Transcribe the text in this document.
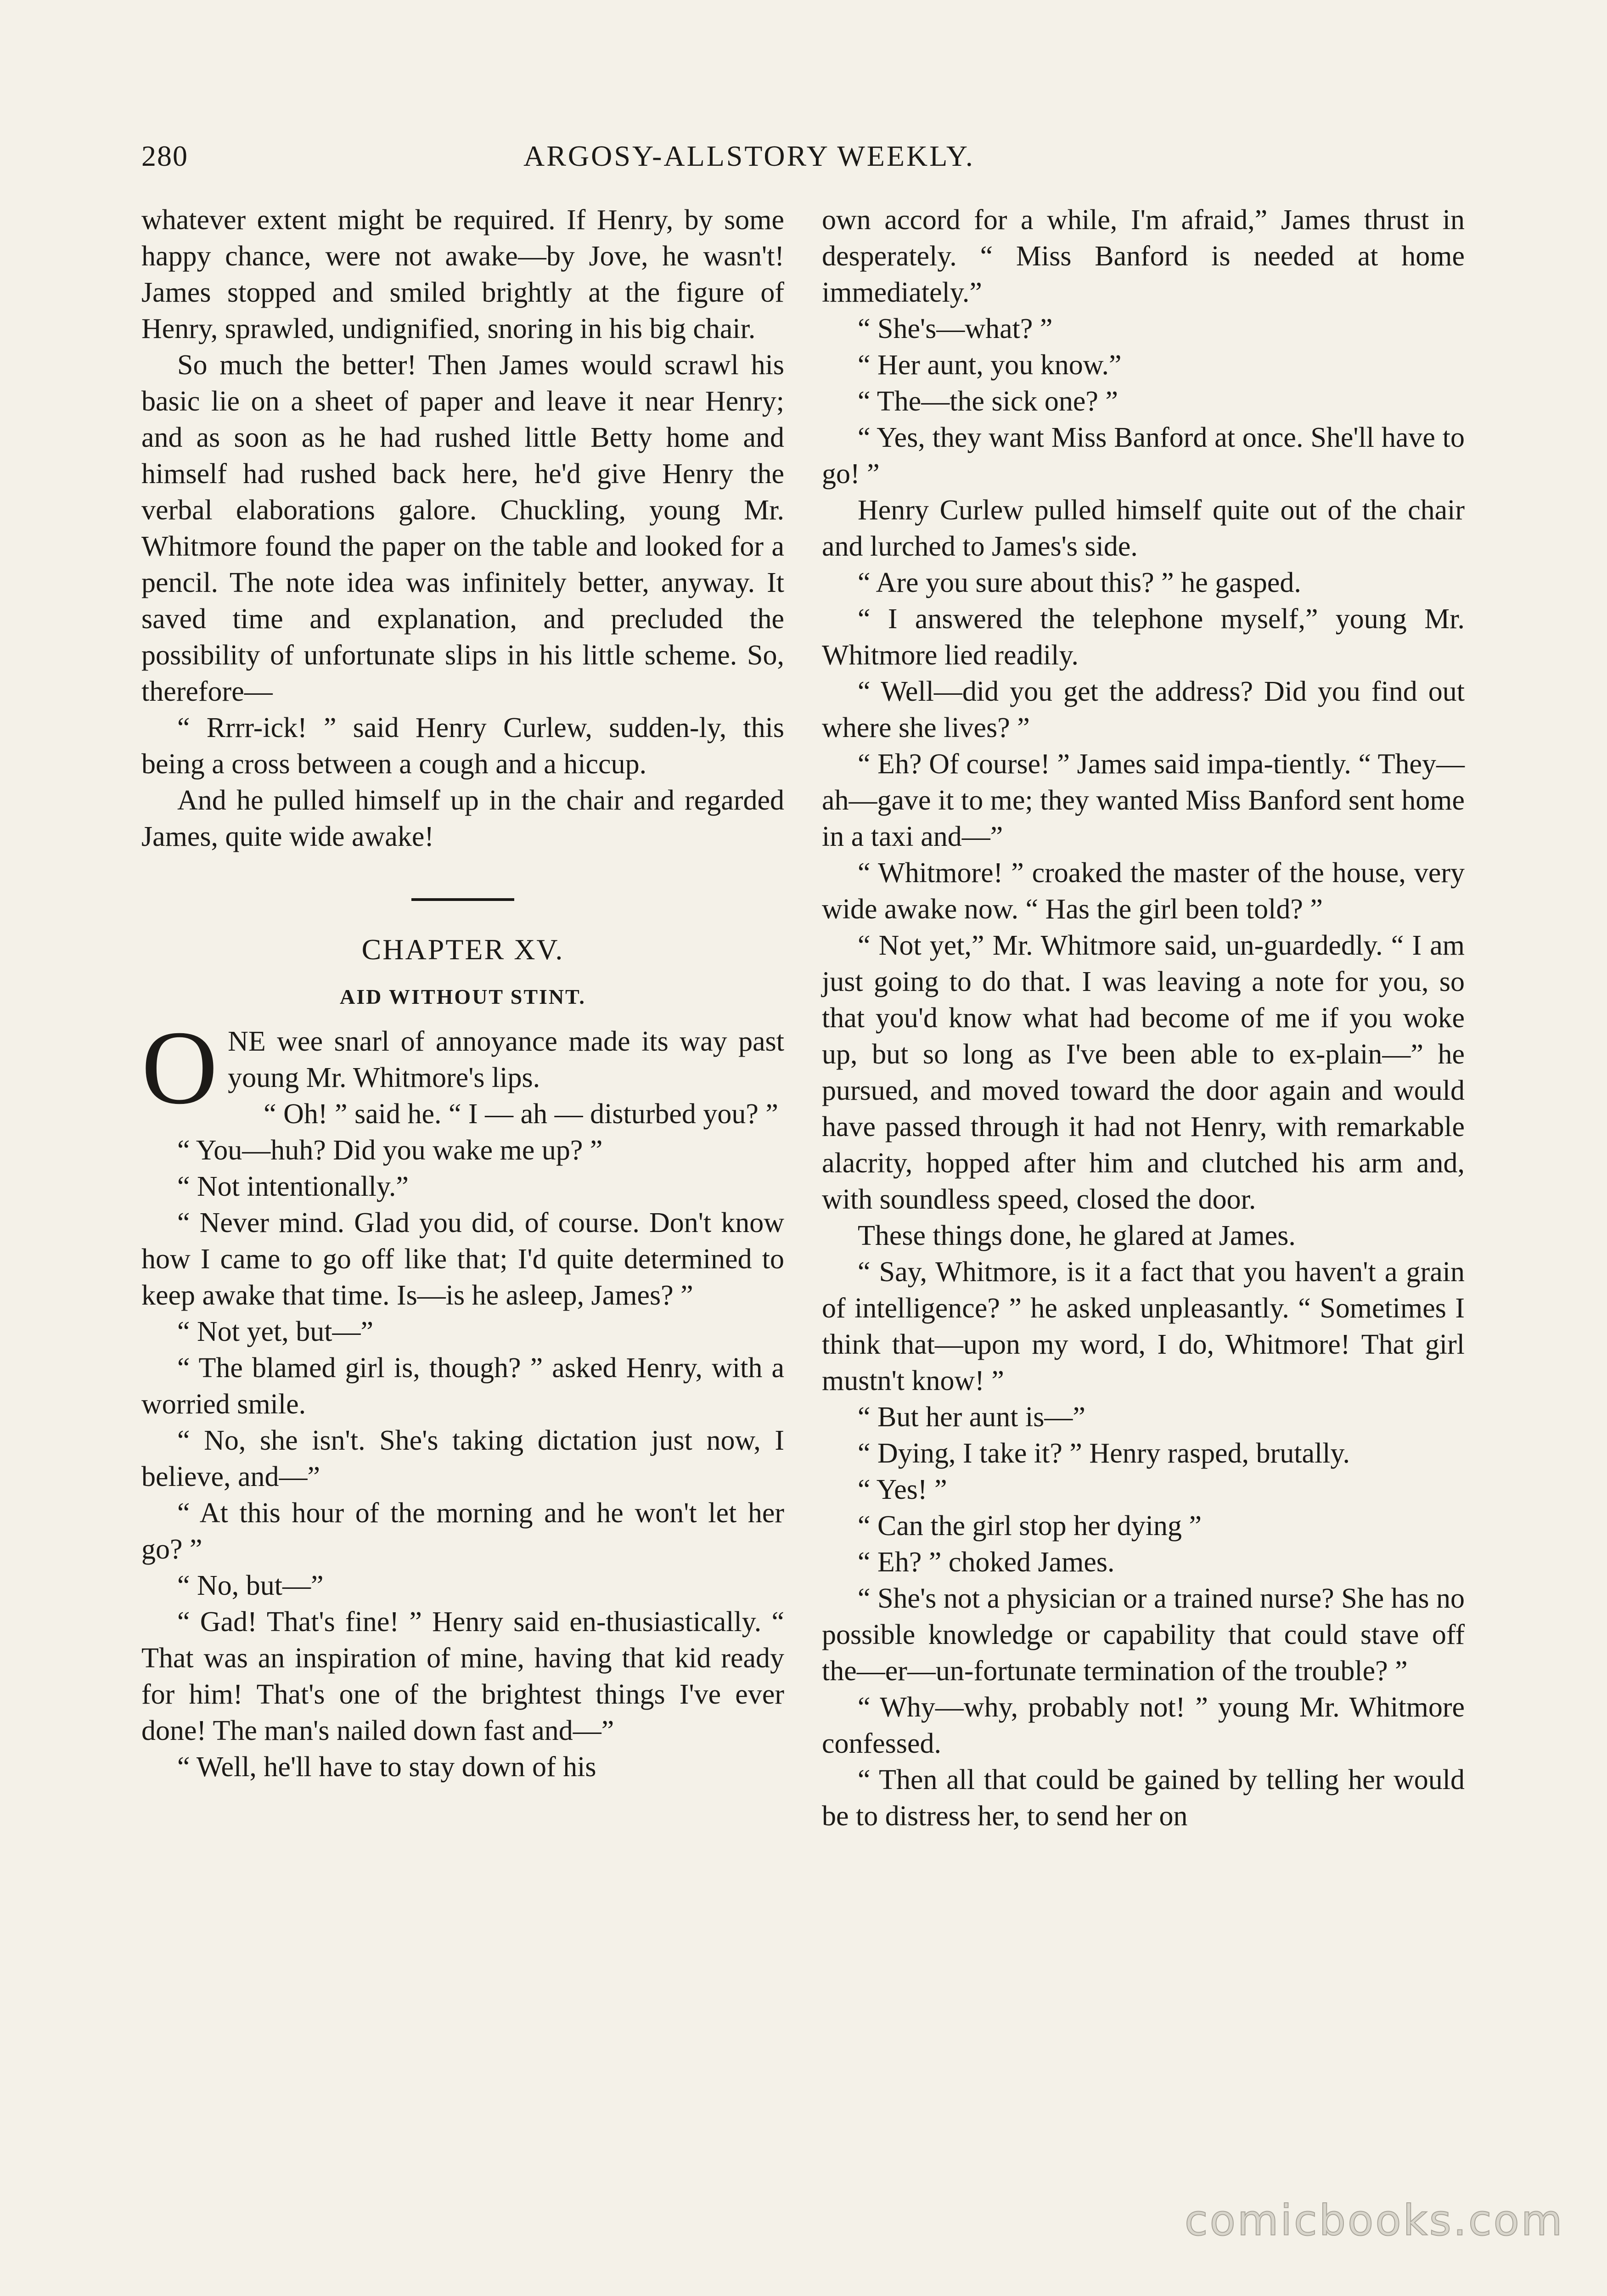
280	ARGOSY-ALLSTORY WEEKLY.

whatever extent might be required. If Henry, by some happy chance, were not awake—by Jove, he wasn't! James stopped and smiled brightly at the figure of Henry, sprawled, undignified, snoring in his big chair.

So much the better! Then James would scrawl his basic lie on a sheet of paper and leave it near Henry; and as soon as he had rushed little Betty home and himself had rushed back here, he'd give Henry the verbal elaborations galore. Chuckling, young Mr. Whitmore found the paper on the table and looked for a pencil. The note idea was infinitely better, anyway. It saved time and explanation, and precluded the possibility of unfortunate slips in his little scheme. So, therefore—

“ Rrrr-ick! ” said Henry Curlew, sudden-ly, this being a cross between a cough and a hiccup.

And he pulled himself up in the chair and regarded James, quite wide awake!

CHAPTER XV.
AID WITHOUT STINT.

ONE wee snarl of annoyance made its way past young Mr. Whitmore's lips.

“ Oh! ” said he. “ I — ah — disturbed you? ”

“ You—huh? Did you wake me up? ”

“ Not intentionally.”

“ Never mind. Glad you did, of course. Don't know how I came to go off like that; I'd quite determined to keep awake that time. Is—is he asleep, James? ”

“ Not yet, but—”

“ The blamed girl is, though? ” asked Henry, with a worried smile.

“ No, she isn't. She's taking dictation just now, I believe, and—”

“ At this hour of the morning and he won't let her go? ”

“ No, but—”

“ Gad! That's fine! ” Henry said en-thusiastically. “ That was an inspiration of mine, having that kid ready for him! That's one of the brightest things I've ever done! The man's nailed down fast and—”

“ Well, he'll have to stay down of his

own accord for a while, I'm afraid,” James thrust in desperately. “ Miss Banford is needed at home immediately.”

“ She's—what? ”

“ Her aunt, you know.”

“ The—the sick one? ”

“ Yes, they want Miss Banford at once. She'll have to go! ”

Henry Curlew pulled himself quite out of the chair and lurched to James's side.

“ Are you sure about this? ” he gasped.

“ I answered the telephone myself,” young Mr. Whitmore lied readily.

“ Well—did you get the address? Did you find out where she lives? ”

“ Eh? Of course! ” James said impa-tiently. “ They—ah—gave it to me; they wanted Miss Banford sent home in a taxi and—”

“ Whitmore! ” croaked the master of the house, very wide awake now. “ Has the girl been told? ”

“ Not yet,” Mr. Whitmore said, un-guardedly. “ I am just going to do that. I was leaving a note for you, so that you'd know what had become of me if you woke up, but so long as I've been able to ex-plain—” he pursued, and moved toward the door again and would have passed through it had not Henry, with remarkable alacrity, hopped after him and clutched his arm and, with soundless speed, closed the door.

These things done, he glared at James.

“ Say, Whitmore, is it a fact that you haven't a grain of intelligence? ” he asked unpleasantly. “ Sometimes I think that—upon my word, I do, Whitmore! That girl mustn't know! ”

“ But her aunt is—”

“ Dying, I take it? ” Henry rasped, brutally.

“ Yes! ”

“ Can the girl stop her dying ”

“ Eh? ” choked James.

“ She's not a physician or a trained nurse? She has no possible knowledge or capability that could stave off the—er—un-fortunate termination of the trouble? ”

“ Why—why, probably not! ” young Mr. Whitmore confessed.

“ Then all that could be gained by telling her would be to distress her, to send her on

comicbooks.com
